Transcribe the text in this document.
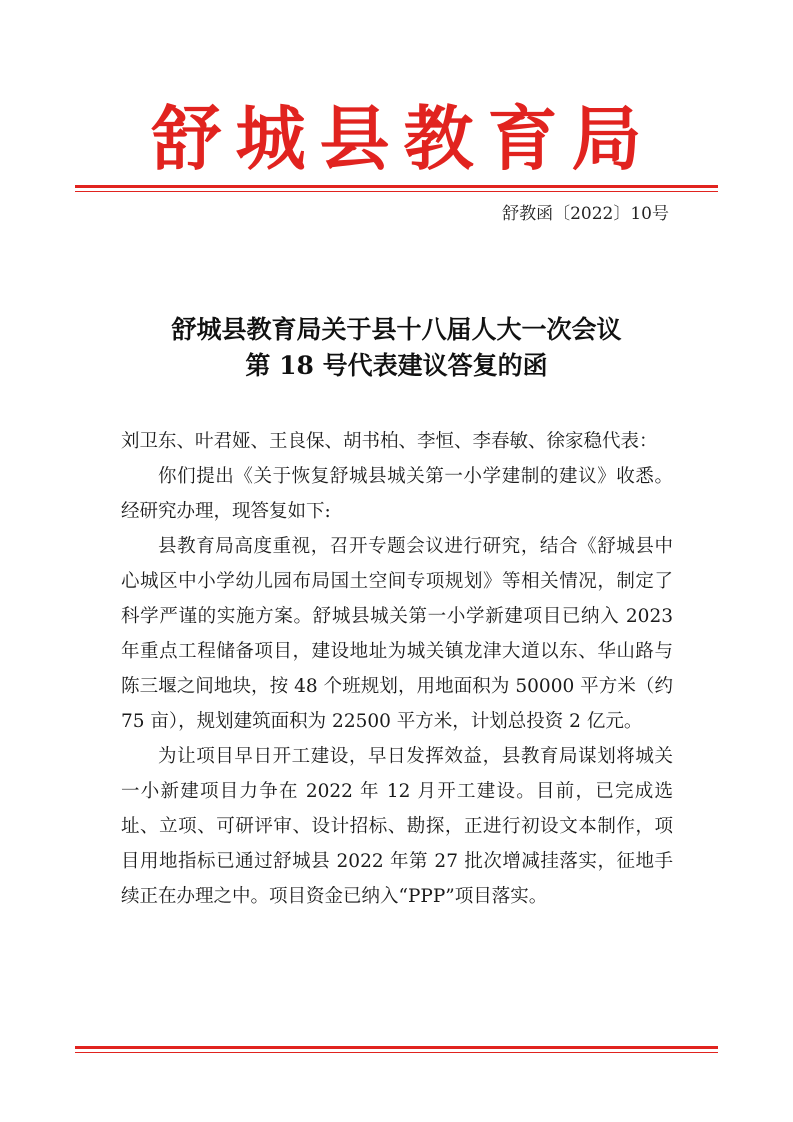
舒城县教育局
舒教函〔2022〕10号
舒城县教育局关于县十八届人大一次会议
第 18 号代表建议答复的函

刘卫东、叶君娅、王良保、胡书柏、李恒、李春敏、徐家稳代表：

你们提出《关于恢复舒城县城关第一小学建制的建议》收悉。经研究办理，现答复如下:

县教育局高度重视，召开专题会议进行研究，结合《舒城县中心城区中小学幼儿园布局国土空间专项规划》等相关情况，制定了科学严谨的实施方案。舒城县城关第一小学新建项目已纳入 2023 年重点工程储备项目，建设地址为城关镇龙津大道以东、华山路与陈三堰之间地块，按 48 个班规划，用地面积为 50000 平方米（约 75 亩），规划建筑面积为 22500 平方米，计划总投资 2 亿元。

为让项目早日开工建设，早日发挥效益，县教育局谋划将城关一小新建项目力争在 2022 年 12 月开工建设。目前，已完成选址、立项、可研评审、设计招标、勘探，正进行初设文本制作，项目用地指标已通过舒城县 2022 年第 27 批次增减挂落实，征地手续正在办理之中。项目资金已纳入“PPP”项目落实。
